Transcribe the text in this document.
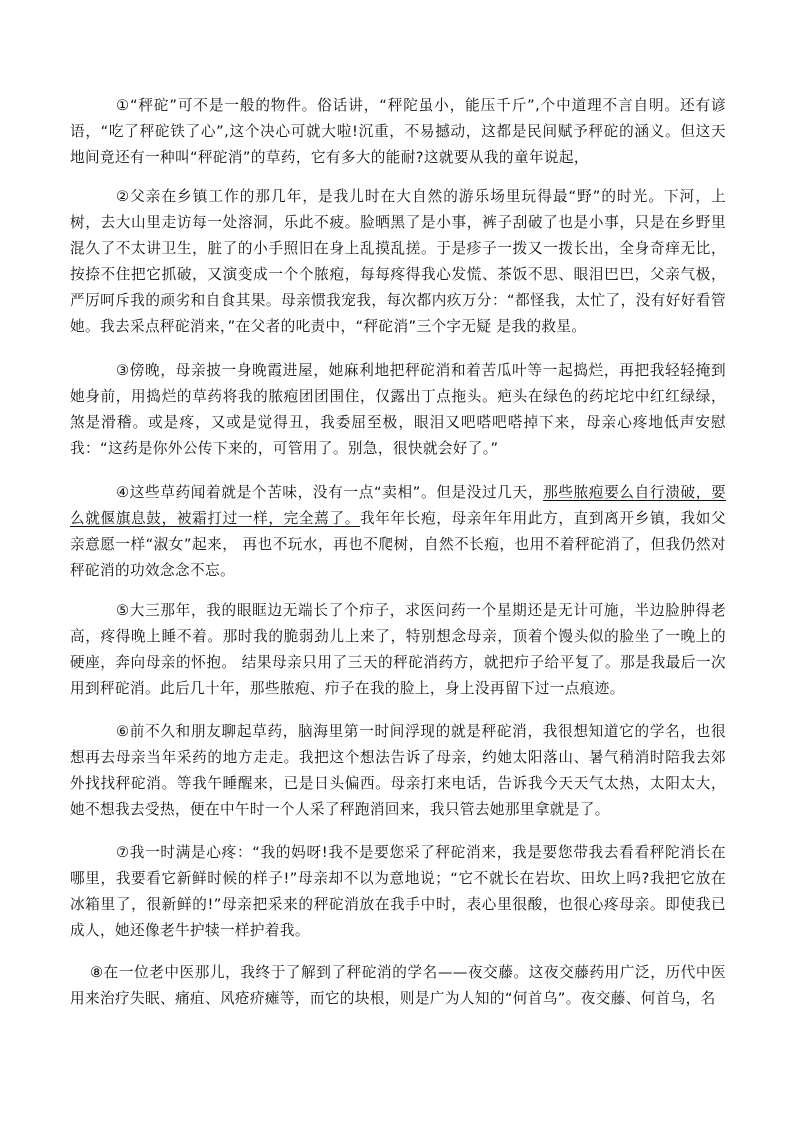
①“秤砣”可不是一般的物件。俗话讲，“秤陀虽小，能压千斤”,个中道理不言自明。还有谚语，“吃了秤砣铁了心”,这个决心可就大啦!沉重，不易撼动，这都是民间赋予秤砣的涵义。但这天地间竟还有一种叫“秤砣消”的草药，它有多大的能耐?这就要从我的童年说起，

②父亲在乡镇工作的那几年，是我儿时在大自然的游乐场里玩得最“野”的时光。下河，上树，去大山里走访每一处溶洞，乐此不疲。脸晒黑了是小事，裤子刮破了也是小事，只是在乡野里混久了不太讲卫生，脏了的小手照旧在身上乱摸乱搓。于是疹子一拨又一拨长出，全身奇痒无比，按捺不住把它抓破，又演变成一个个脓疱，每每疼得我心发慌、茶饭不思、眼泪巴巴，父亲气极，严厉呵斥我的顽劣和自食其果。母亲惯我宠我，每次都内疚万分：“都怪我，太忙了，没有好好看管她。我去采点秤砣消来，”在父者的叱责中，“秤砣消”三个字无疑 是我的救星。

③傍晚，母亲披一身晚霞进屋，她麻利地把秤砣消和着苦瓜叶等一起捣烂，再把我轻轻掩到她身前，用捣烂的草药将我的脓疱团团围住，仅露出丁点拖头。疤头在绿色的药坨坨中红红绿绿，煞是滑稽。或是疼，又或是觉得丑，我委屈至极，眼泪又吧嗒吧嗒掉下来，母亲心疼地低声安慰我：“这药是你外公传下来的，可管用了。别急，很快就会好了。”

④这些草药闻着就是个苦味，没有一点“卖相”。但是没过几天，那些脓疱要么自行溃破，要么就偃旗息鼓，被霜打过一样，完全蔫了。我年年长疱，母亲年年用此方，直到离开乡镇，我如父亲意愿一样“淑女”起来， 再也不玩水，再也不爬树，自然不长疱，也用不着秤砣消了，但我仍然对秤砣消的功效念念不忘。

⑤大三那年，我的眼眶边无端长了个疖子，求医问药一个星期还是无计可施，半边脸肿得老高，疼得晚上睡不着。那时我的脆弱劲儿上来了，特别想念母亲，顶着个馒头似的脸坐了一晚上的硬座，奔向母亲的怀抱。 结果母亲只用了三天的秤砣消药方，就把疖子给平复了。那是我最后一次用到秤砣消。此后几十年，那些脓疱、疖子在我的脸上，身上没再留下过一点痕迹。

⑥前不久和朋友聊起草药，脑海里第一时间浮现的就是秤砣消，我很想知道它的学名，也很想再去母亲当年采药的地方走走。我把这个想法告诉了母亲，约她太阳落山、暑气稍消时陪我去郊外找找秤砣消。等我午睡醒来，已是日头偏西。母亲打来电话，告诉我今天天气太热，太阳太大，她不想我去受热，便在中午时一个人采了秤跑消回来，我只管去她那里拿就是了。

⑦我一时满是心疼：“我的妈呀!我不是要您采了秤砣消来，我是要您带我去看看秤陀消长在哪里，我要看它新鲜时候的样子!”母亲却不以为意地说；“它不就长在岩坎、田坎上吗?我把它放在冰箱里了，很新鲜的!”母亲把采来的秤砣消放在我手中时，表心里很酸，也很心疼母亲。即使我已成人，她还像老牛护犊一样护着我。

⑧在一位老中医那儿，我终于了解到了秤砣消的学名——夜交藤。这夜交藤药用广泛，历代中医用来治疗失眠、痛疽、风疮疥瘫等，而它的块根，则是广为人知的“何首乌”。夜交藤、何首乌，名
